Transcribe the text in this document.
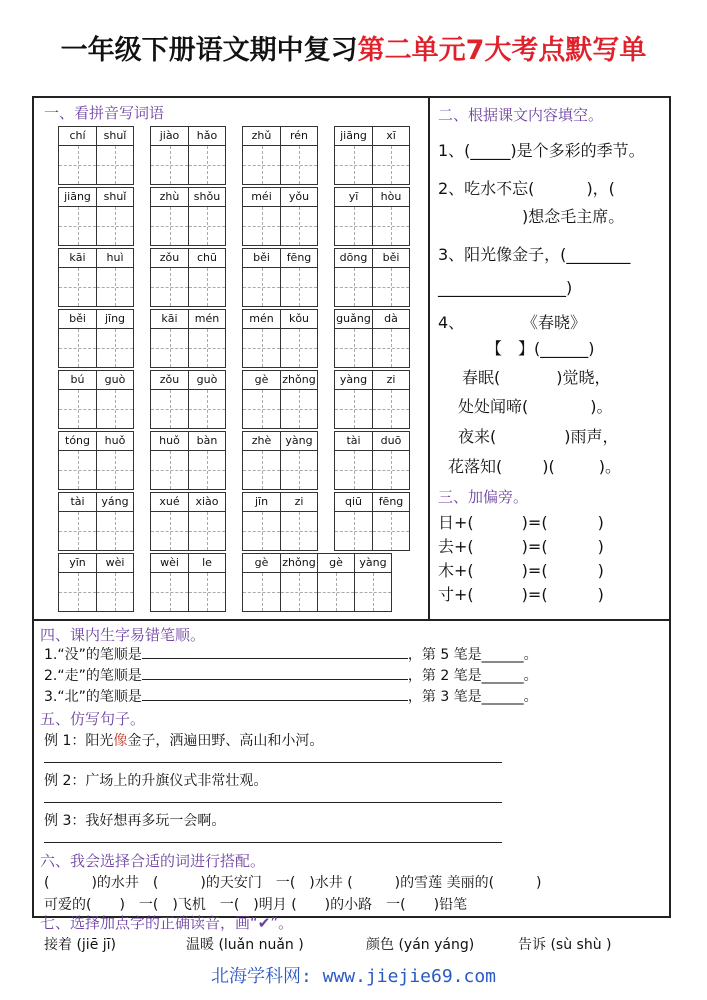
一年级下册语文期中复习第二单元7大考点默写单
一、看拼音写词语
chí	shuǐ	jiào	hǎo	zhǔ	rén	jiāng	xī
jiāng	shuǐ	zhù	shǒu	méi	yǒu	yī	hòu
kāi	huì	zǒu	chū	běi	fēng	dōng	běi
běi	jīng	kāi	mén	mén	kǒu	guǎng	dà
bú	guò	zǒu	guò	gè	zhǒng	yàng	zi
tóng	huǒ	huǒ	bàn	zhè	yàng	tài	duō
tài	yáng	xué	xiào	jīn	zi	qiū	fēng
yīn	wèi	wèi	le	gè	zhǒng	gè	yàng
二、根据课文内容填空。
1、(_____)是个多彩的季节。
2、吃水不忘(	)，(
)想念毛主席。
3、阳光像金子，(________
________________)
4、	《春晓》
【　】(______)
春眠(	)觉晓，
处处闻啼(	)。
夜来(	)雨声，
花落知(	)(	)。
三、加偏旁。
日+(　　　)=(	)
去+(　　　)=(	)
木+(　　　)=(	)
寸+(　　　)=(	)
四、课内生字易错笔顺。
1.“没”的笔顺是	，第 5 笔是______。
2.“走”的笔顺是	，第 2 笔是______。
3.“北”的笔顺是	，第 3 笔是______。
五、仿写句子。
例 1：阳光像金子，洒遍田野、高山和小河。
例 2：广场上的升旗仪式非常壮观。
例 3：我好想再多玩一会啊。
六、我会选择合适的词进行搭配。
(　　　)的水井　(　　　)的天安门　一(　)水井 (　　　)的雪莲 美丽的(　　　)
可爱的(　　)　一(　)飞机　一(　)明月 (　　)的小路　一(　　)铅笔
七、选择加点字的正确读音，画“✔”。
接着 (jiē jī)	温暖 (luǎn nuǎn )	颜色 (yán yáng)	告诉 (sù shù )
北海学科网: www.jiejie69.com
